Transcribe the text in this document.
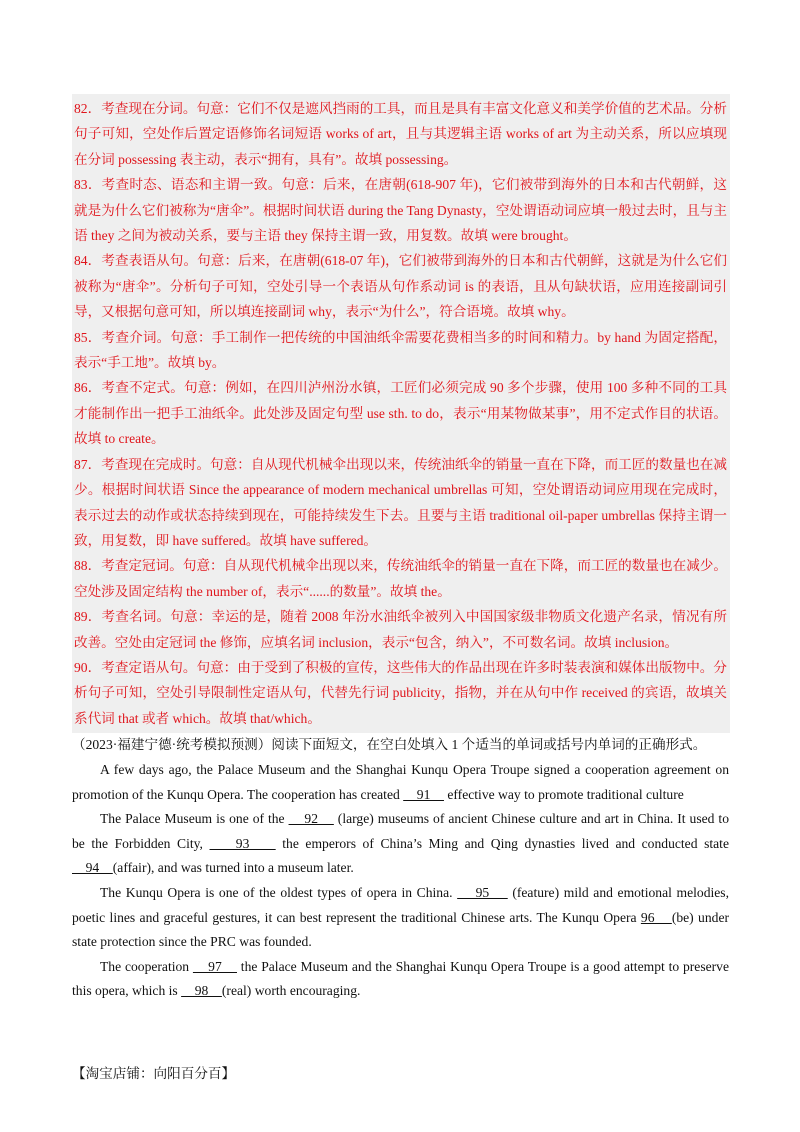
82．考查现在分词。句意：它们不仅是遮风挡雨的工具，而且是具有丰富文化意义和美学价值的艺术品。分析句子可知，空处作后置定语修饰名词短语 works of art，且与其逻辑主语 works of art 为主动关系，所以应填现在分词 possessing 表主动，表示“拥有，具有”。故填 possessing。

83．考查时态、语态和主谓一致。句意：后来，在唐朝(618-907 年)，它们被带到海外的日本和古代朝鲜，这就是为什么它们被称为“唐伞”。根据时间状语 during the Tang Dynasty，空处谓语动词应填一般过去时，且与主语 they 之间为被动关系，要与主语 they 保持主谓一致，用复数。故填 were brought。

84．考查表语从句。句意：后来，在唐朝(618-07 年)，它们被带到海外的日本和古代朝鲜，这就是为什么它们被称为“唐伞”。分析句子可知，空处引导一个表语从句作系动词 is 的表语，且从句缺状语，应用连接副词引导，又根据句意可知，所以填连接副词 why，表示“为什么”，符合语境。故填 why。

85．考查介词。句意：手工制作一把传统的中国油纸伞需要花费相当多的时间和精力。by hand 为固定搭配，表示“手工地”。故填 by。

86．考查不定式。句意：例如，在四川泸州汾水镇，工匠们必须完成 90 多个步骤，使用 100 多种不同的工具才能制作出一把手工油纸伞。此处涉及固定句型 use sth. to do，表示“用某物做某事”，用不定式作目的状语。故填 to create。

87．考查现在完成时。句意：自从现代机械伞出现以来，传统油纸伞的销量一直在下降，而工匠的数量也在减少。根据时间状语 Since the appearance of modern mechanical umbrellas 可知，空处谓语动词应用现在完成时，表示过去的动作或状态持续到现在，可能持续发生下去。且要与主语 traditional oil-paper umbrellas 保持主谓一致，用复数，即 have suffered。故填 have suffered。

88．考查定冠词。句意：自从现代机械伞出现以来，传统油纸伞的销量一直在下降，而工匠的数量也在减少。空处涉及固定结构 the number of，表示“......的数量”。故填 the。

89．考查名词。句意：幸运的是，随着 2008 年汾水油纸伞被列入中国国家级非物质文化遗产名录，情况有所改善。空处由定冠词 the 修饰，应填名词 inclusion，表示“包含，纳入”，不可数名词。故填 inclusion。

90．考查定语从句。句意：由于受到了积极的宣传，这些伟大的作品出现在许多时装表演和媒体出版物中。分析句子可知，空处引导限制性定语从句，代替先行词 publicity，指物，并在从句中作 received 的宾语，故填关系代词 that 或者 which。故填 that/which。

（2023·福建宁德·统考模拟预测）阅读下面短文，在空白处填入 1 个适当的单词或括号内单词的正确形式。

A few days ago, the Palace Museum and the Shanghai Kunqu Opera Troupe signed a cooperation agreement on promotion of the Kunqu Opera. The cooperation has created     91     effective way to promote traditional culture

The Palace Museum is one of the     92     (large) museums of ancient Chinese culture and art in China. It used to be the Forbidden City,     93     the emperors of China’s Ming and Qing dynasties lived and conducted state     94    (affair), and was turned into a museum later.

The Kunqu Opera is one of the oldest types of opera in China.     95     (feature) mild and emotional melodies, poetic lines and graceful gestures, it can best represent the traditional Chinese arts. The Kunqu Opera 96    (be) under state protection since the PRC was founded.

The cooperation     97     the Palace Museum and the Shanghai Kunqu Opera Troupe is a good attempt to preserve this opera, which is     98    (real) worth encouraging.

【淘宝店铺：向阳百分百】
